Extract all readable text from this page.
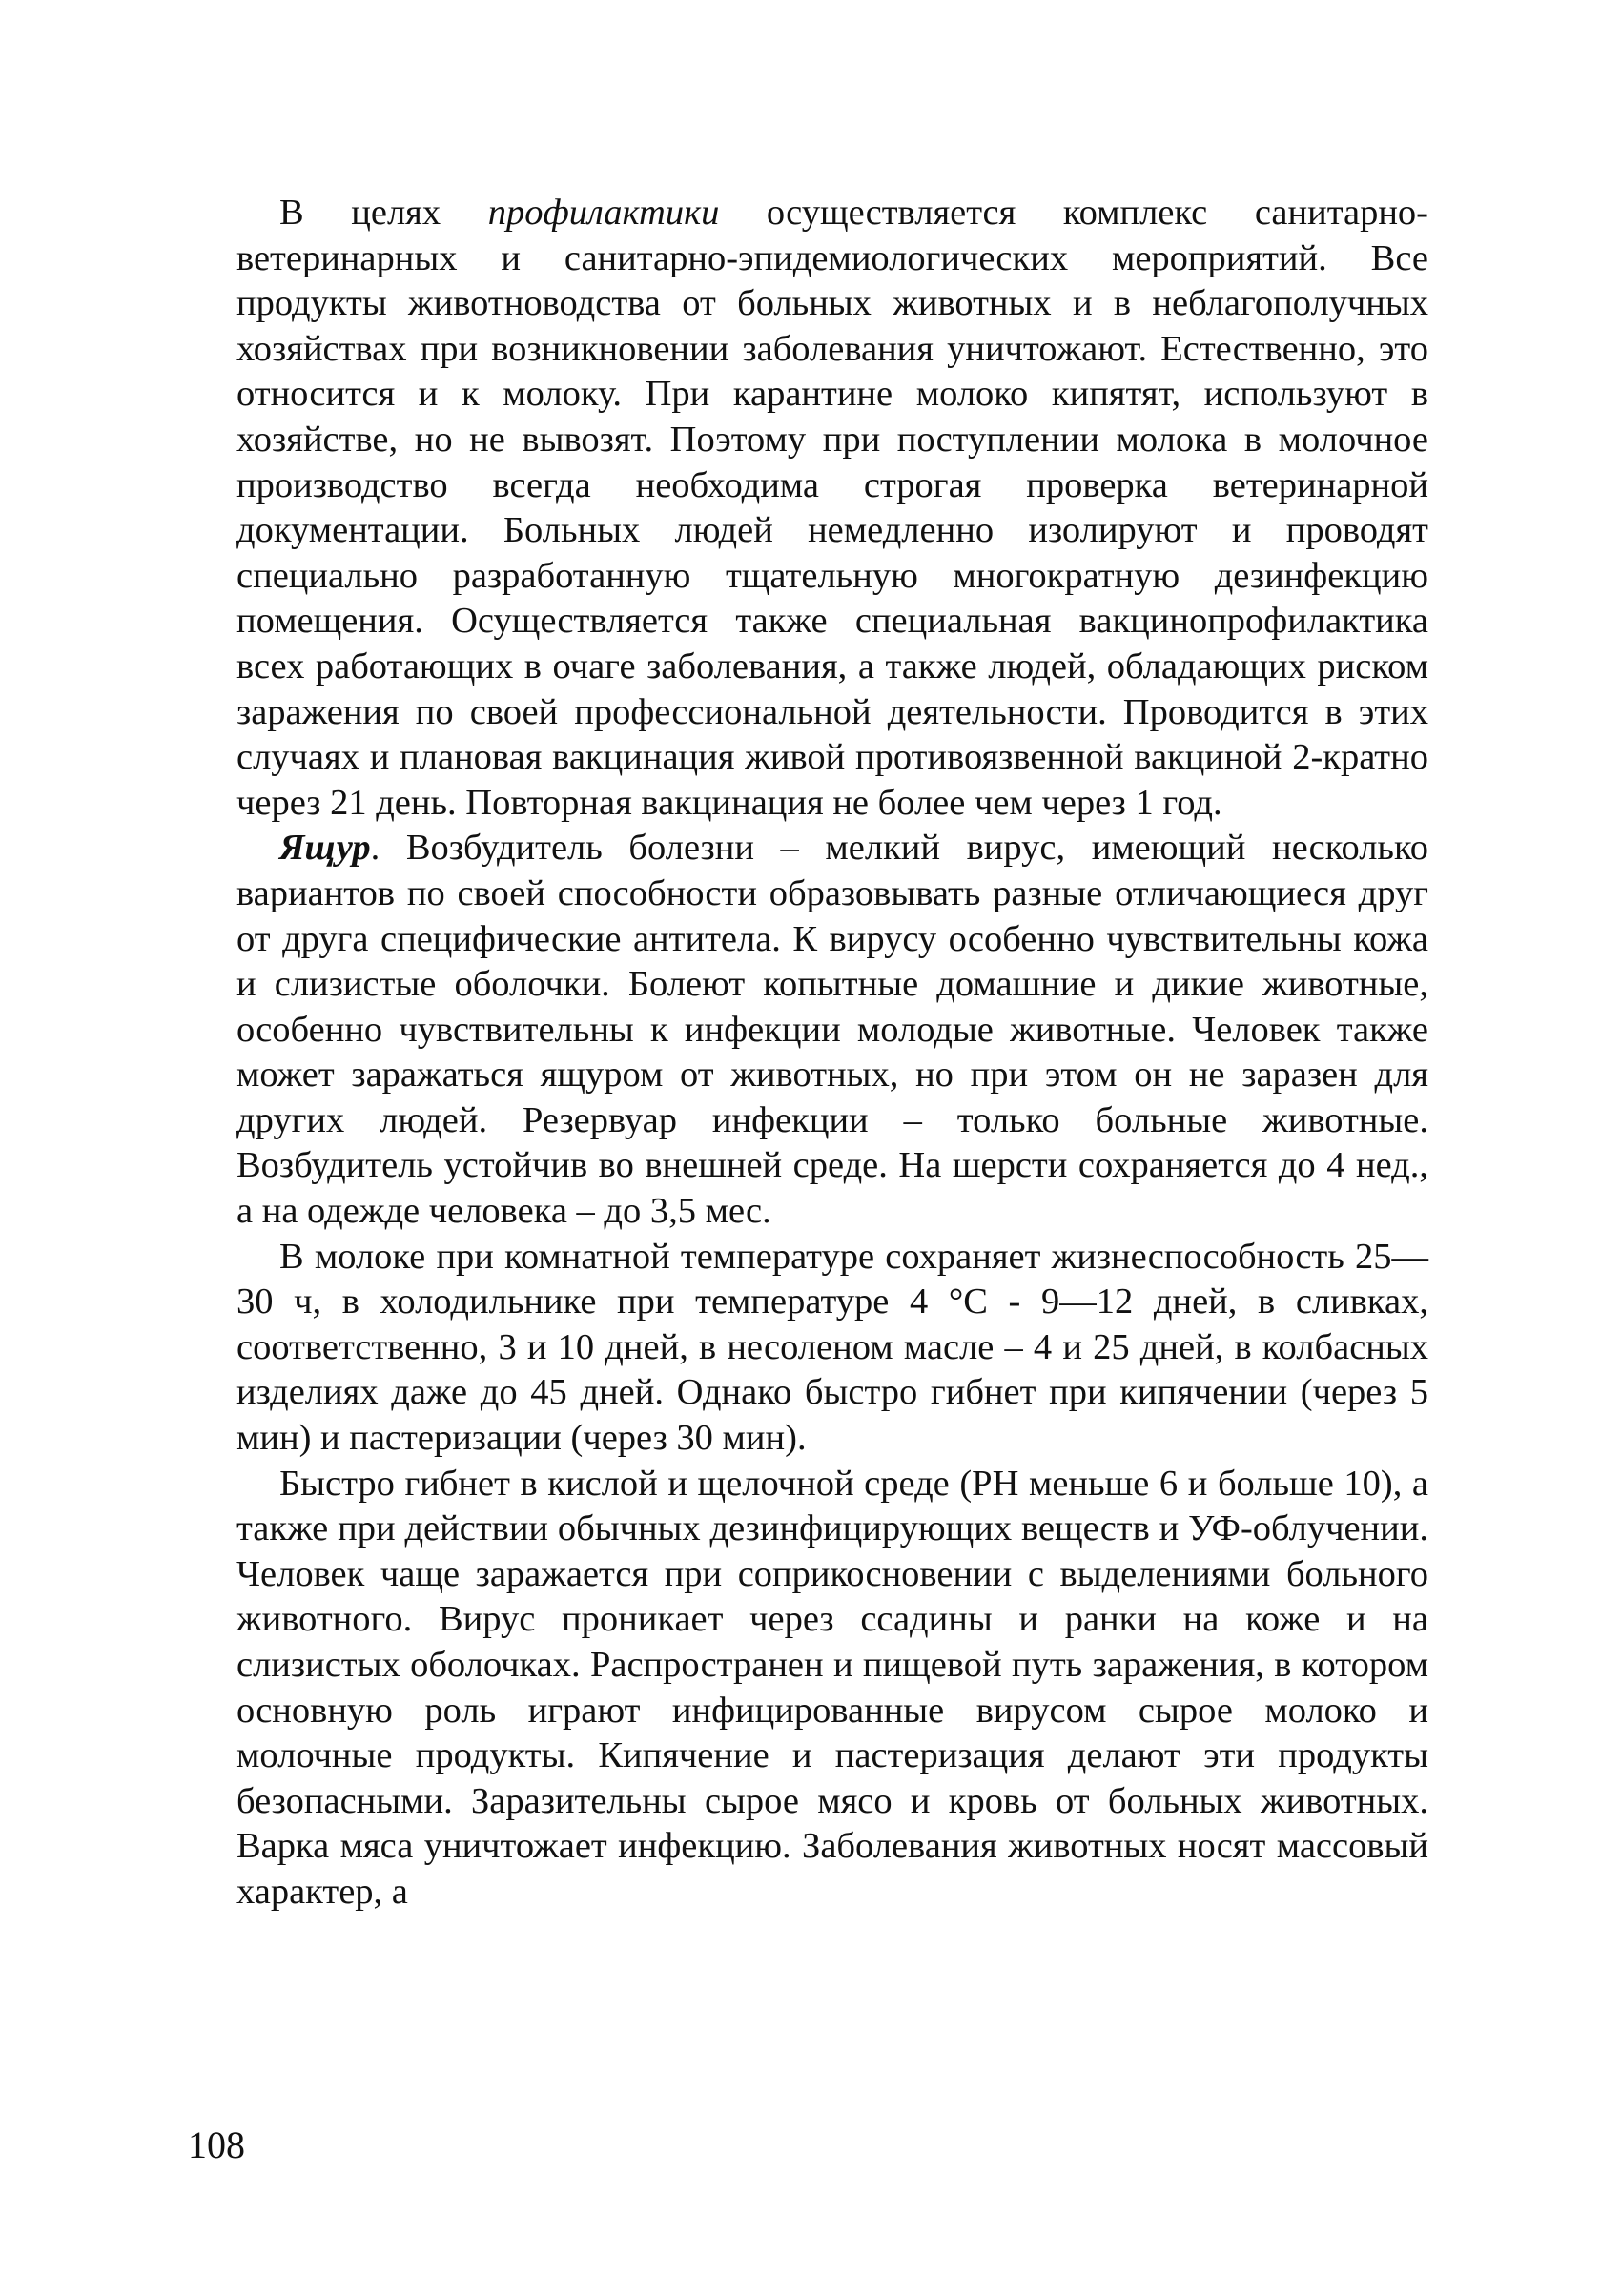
В целях профилактики осуществляется комплекс санитарно-ветеринарных и санитарно-эпидемиологических мероприятий. Все продукты животноводства от больных животных и в неблагополучных хозяйствах при возникновении заболевания уничтожают. Естественно, это относится и к молоку. При карантине молоко кипятят, используют в хозяйстве, но не вывозят. Поэтому при поступлении молока в молочное производство всегда необходима строгая проверка ветеринарной документации. Больных людей немедленно изолируют и проводят специально разработанную тщательную многократную дезинфекцию помещения. Осуществляется также специальная вакцинопрофилактика всех работающих в очаге заболевания, а также людей, обладающих риском заражения по своей профессиональной деятельности. Проводится в этих случаях и плановая вакцинация живой противоязвенной вакциной 2-кратно через 21 день. Повторная вакцинация не более чем через 1 год.

Ящур. Возбудитель болезни – мелкий вирус, имеющий несколько вариантов по своей способности образовывать разные отличающиеся друг от друга специфические антитела. К вирусу особенно чувствительны кожа и слизистые оболочки. Болеют копытные домашние и дикие животные, особенно чувствительны к инфекции молодые животные. Человек также может заражаться ящуром от животных, но при этом он не заразен для других людей. Резервуар инфекции – только больные животные. Возбудитель устойчив во внешней среде. На шерсти сохраняется до 4 нед., а на одежде человека – до 3,5 мес.

В молоке при комнатной температуре сохраняет жизнеспособность 25—30 ч, в холодильнике при температуре 4 °С - 9—12 дней, в сливках, соответственно, 3 и 10 дней, в несоленом масле – 4 и 25 дней, в колбасных изделиях даже до 45 дней. Однако быстро гибнет при кипячении (через 5 мин) и пастеризации (через 30 мин).

Быстро гибнет в кислой и щелочной среде (PH меньше 6 и больше 10), а также при действии обычных дезинфицирующих веществ и УФ-облучении. Человек чаще заражается при соприкосновении с выделениями больного животного. Вирус проникает через ссадины и ранки на коже и на слизистых оболочках. Распространен и пищевой путь заражения, в котором основную роль играют инфицированные вирусом сырое молоко и молочные продукты. Кипячение и пастеризация делают эти продукты безопасными. Заразительны сырое мясо и кровь от больных животных. Варка мяса уничтожает инфекцию. Заболевания животных носят массовый характер, а

108
